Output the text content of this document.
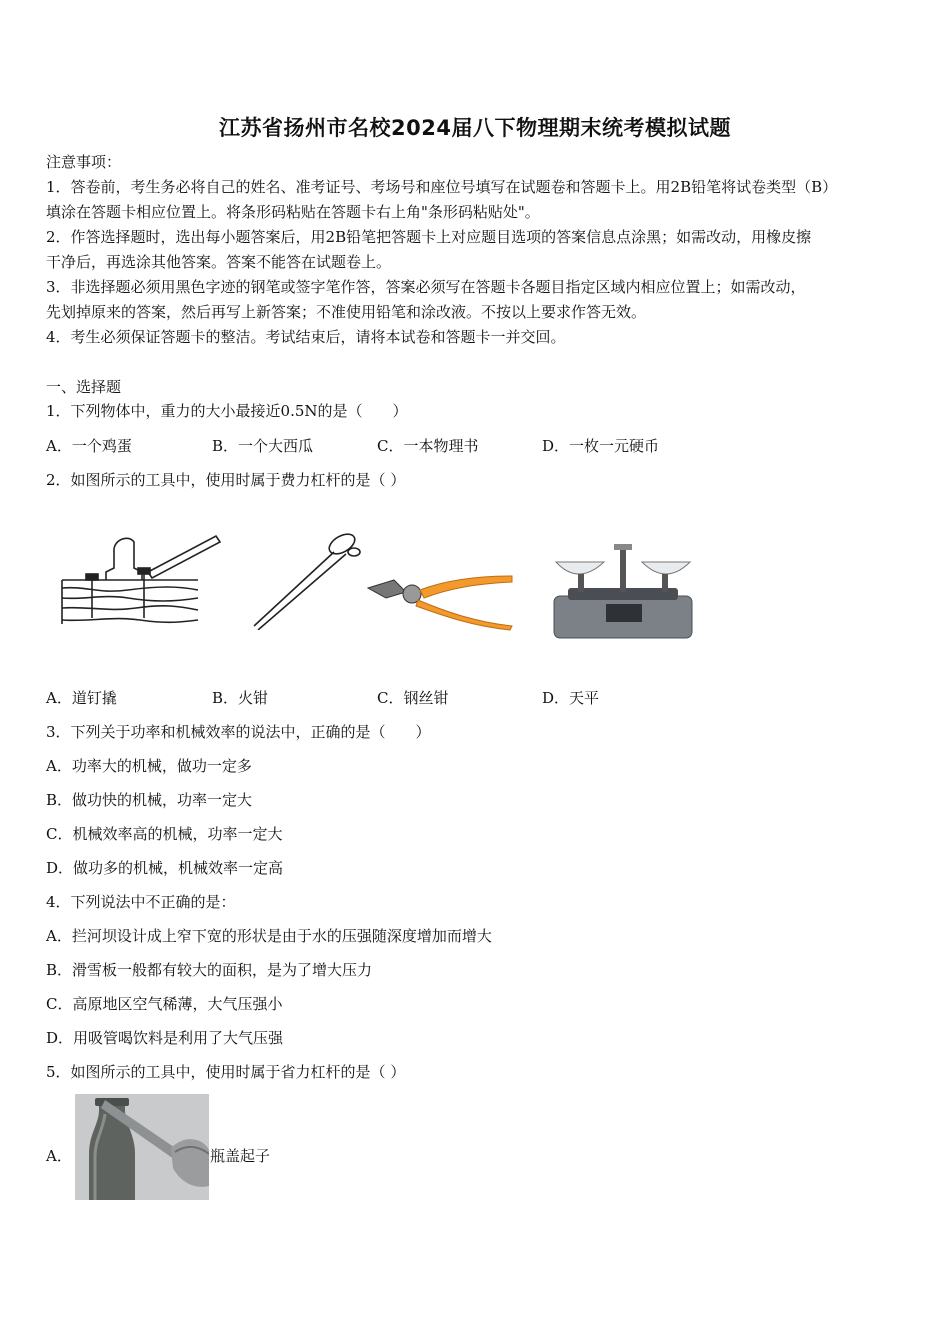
江苏省扬州市名校2024届八下物理期末统考模拟试题
注意事项：
1．答卷前，考生务必将自己的姓名、准考证号、考场号和座位号填写在试题卷和答题卡上。用2B铅笔将试卷类型（B）
填涂在答题卡相应位置上。将条形码粘贴在答题卡右上角"条形码粘贴处"。
2．作答选择题时，选出每小题答案后，用2B铅笔把答题卡上对应题目选项的答案信息点涂黑；如需改动，用橡皮擦
干净后，再选涂其他答案。答案不能答在试题卷上。
3．非选择题必须用黑色字迹的钢笔或签字笔作答，答案必须写在答题卡各题目指定区域内相应位置上；如需改动，
先划掉原来的答案，然后再写上新答案；不准使用铅笔和涂改液。不按以上要求作答无效。
4．考生必须保证答题卡的整洁。考试结束后，请将本试卷和答题卡一并交回。
一、选择题
1．下列物体中，重力的大小最接近0.5N的是（　　）
A．一个鸡蛋	B．一个大西瓜	C．一本物理书	D．一枚一元硬币
2．如图所示的工具中，使用时属于费力杠杆的是（ ）
A．道钉撬	B．火钳	C．钢丝钳	D．天平
3．下列关于功率和机械效率的说法中，正确的是（　　）
A．功率大的机械，做功一定多
B．做功快的机械，功率一定大
C．机械效率高的机械，功率一定大
D．做功多的机械，机械效率一定高
4．下列说法中不正确的是：
A．拦河坝设计成上窄下宽的形状是由于水的压强随深度增加而增大
B．滑雪板一般都有较大的面积，是为了增大压力
C．高原地区空气稀薄，大气压强小
D．用吸管喝饮料是利用了大气压强
5．如图所示的工具中，使用时属于省力杠杆的是（ ）
A．	瓶盖起子
